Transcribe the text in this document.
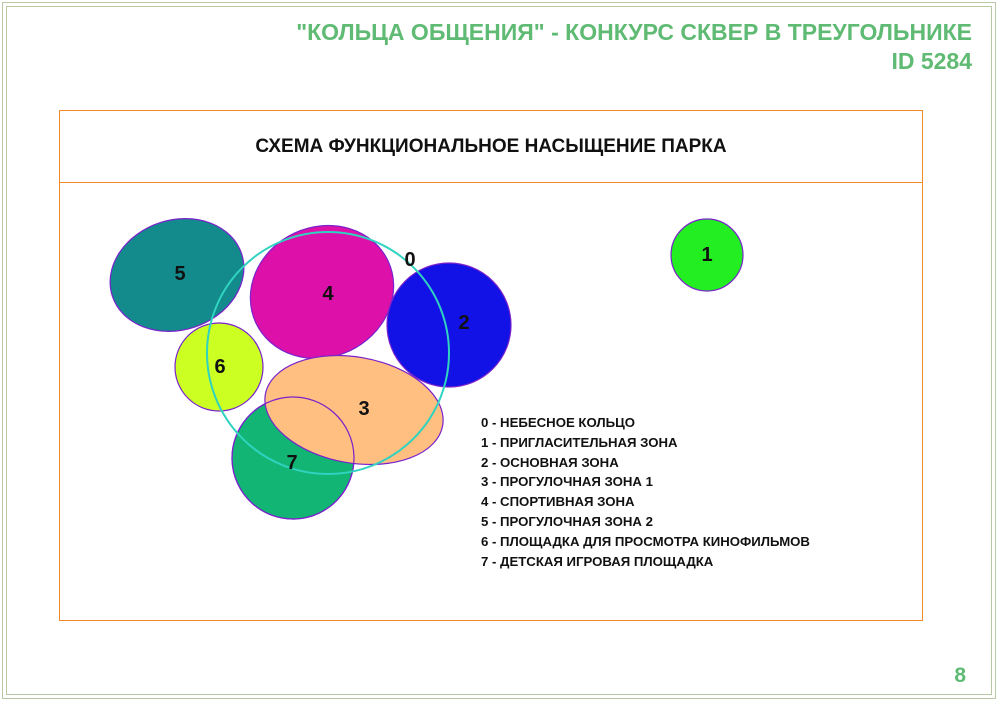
"КОЛЬЦА ОБЩЕНИЯ" - КОНКУРС СКВЕР В ТРЕУГОЛЬНИКЕ
ID 5284
СХЕМА ФУНКЦИОНАЛЬНОЕ НАСЫЩЕНИЕ ПАРКА
5
4
0
2
6
3
7
1
0 - НЕБЕСНОЕ КОЛЬЦО
1 - ПРИГЛАСИТЕЛЬНАЯ ЗОНА
2 - ОСНОВНАЯ ЗОНА
3 - ПРОГУЛОЧНАЯ ЗОНА 1
4 - СПОРТИВНАЯ ЗОНА
5 - ПРОГУЛОЧНАЯ ЗОНА 2
6 - ПЛОЩАДКА ДЛЯ ПРОСМОТРА КИНОФИЛЬМОВ
7 - ДЕТСКАЯ ИГРОВАЯ ПЛОЩАДКА
8
